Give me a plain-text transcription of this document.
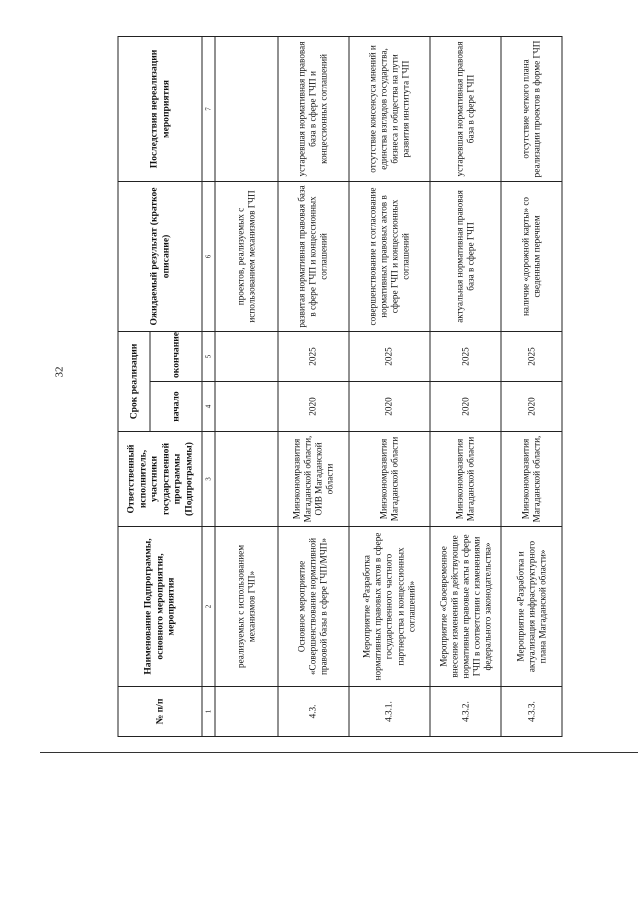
32
№ п/п	Наименование Подпрограммы, основного мероприятия, мероприятия	Ответственный исполнитель, участники государственной программы (Подпрограммы)	Срок реализации		Ожидаемый результат (краткое описание)	Последствия нереализации мероприятия
			начало	окончание		
1	2	3	4	5	6	7
	реализуемых с использованием механизмов ГЧП»				проектов, реализуемых с использованием механизмов ГЧП	
4.3.	Основное мероприятие «Совершенствование нормативной правовой базы в сфере ГЧП/МЧП»	Минэкономразвития Магаданской области, ОИВ Магаданской области	2020	2025	развитая нормативная правовая база в сфере ГЧП и концессионных соглашений	устаревшая нормативная правовая база в сфере ГЧП и концессионных соглашений
4.3.1.	Мероприятие «Разработка нормативных правовых актов в сфере государственного частного партнерства и концессионных соглашений»	Минэкономразвития Магаданской области	2020	2025	совершенствование и согласование нормативных правовых актов в сфере ГЧП и концессионных соглашений	отсутствие консенсуса мнений и единства взглядов государства, бизнеса и общества на пути развития института ГЧП
4.3.2.	Мероприятие «Своевременное внесение изменений в действующие нормативные правовые акты в сфере ГЧП в соответствии с изменениями федерального законодательства»	Минэкономразвития Магаданской области	2020	2025	актуальная нормативная правовая база в сфере ГЧП	устаревшая нормативная правовая база в сфере ГЧП
4.3.3.	Мероприятие «Разработка и актуализация инфраструктурного плана Магаданской области»	Минэкономразвития Магаданской области,	2020	2025	наличие «дорожной карты» со сведенным перечнем	отсутствие четкого плана реализации проектов в форме ГЧП
